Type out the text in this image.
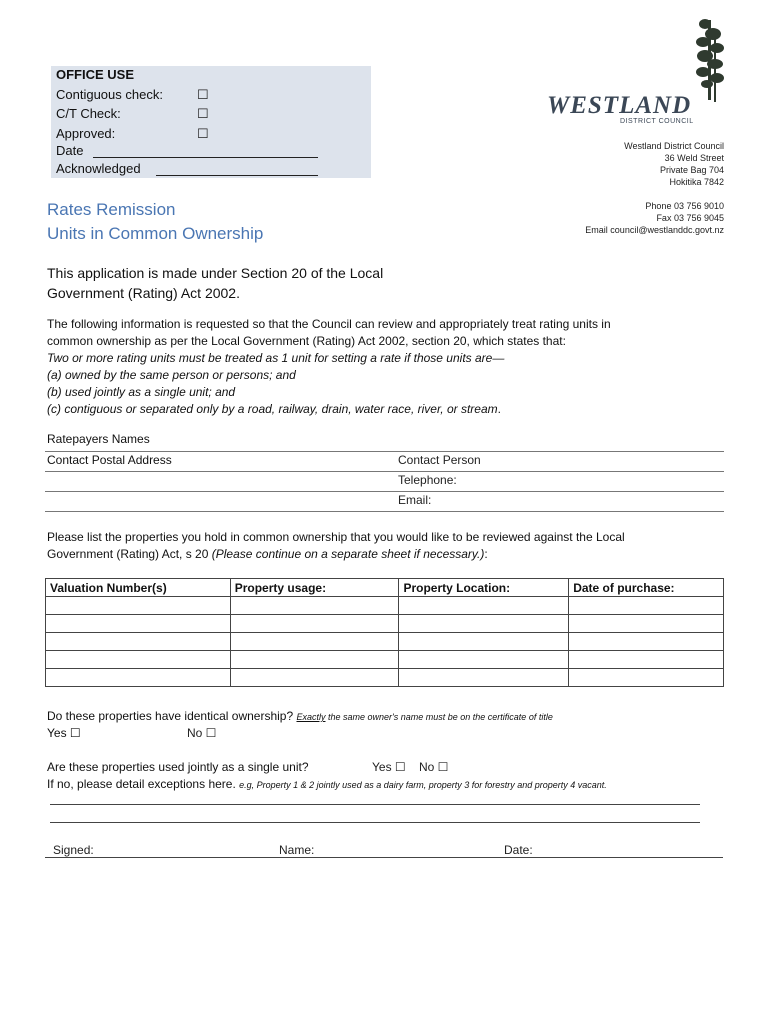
OFFICE USE
Contiguous check:	☐
C/T Check:	☐
Approved:	☐
Date
Acknowledged
WESTLAND
DISTRICT COUNCIL
Westland District Council
36 Weld Street
Private Bag 704
Hokitika 7842
Phone 03 756 9010
Fax 03 756 9045
Email council@westlanddc.govt.nz
Rates Remission
Units in Common Ownership
This application is made under Section 20 of the Local
Government (Rating) Act 2002.
The following information is requested so that the Council can review and appropriately treat rating units in
common ownership as per the Local Government (Rating) Act 2002, section 20, which states that:
Two or more rating units must be treated as 1 unit for setting a rate if those units are—
(a) owned by the same person or persons; and
(b) used jointly as a single unit; and
(c) contiguous or separated only by a road, railway, drain, water race, river, or stream.
Ratepayers Names
Contact Postal Address	Contact Person
Telephone:
Email:
Please list the properties you hold in common ownership that you would like to be reviewed against the Local
Government (Rating) Act, s 20 (Please continue on a separate sheet if necessary.):
Valuation Number(s)	Property usage:	Property Location:	Date of purchase:

Do these properties have identical ownership? Exactly the same owner's name must be on the certificate of title
Yes ☐	No ☐
Are these properties used jointly as a single unit?	Yes ☐ No ☐
If no, please detail exceptions here. e.g, Property 1 & 2 jointly used as a dairy farm, property 3 for forestry and property 4 vacant.
Signed:	Name:	Date:
